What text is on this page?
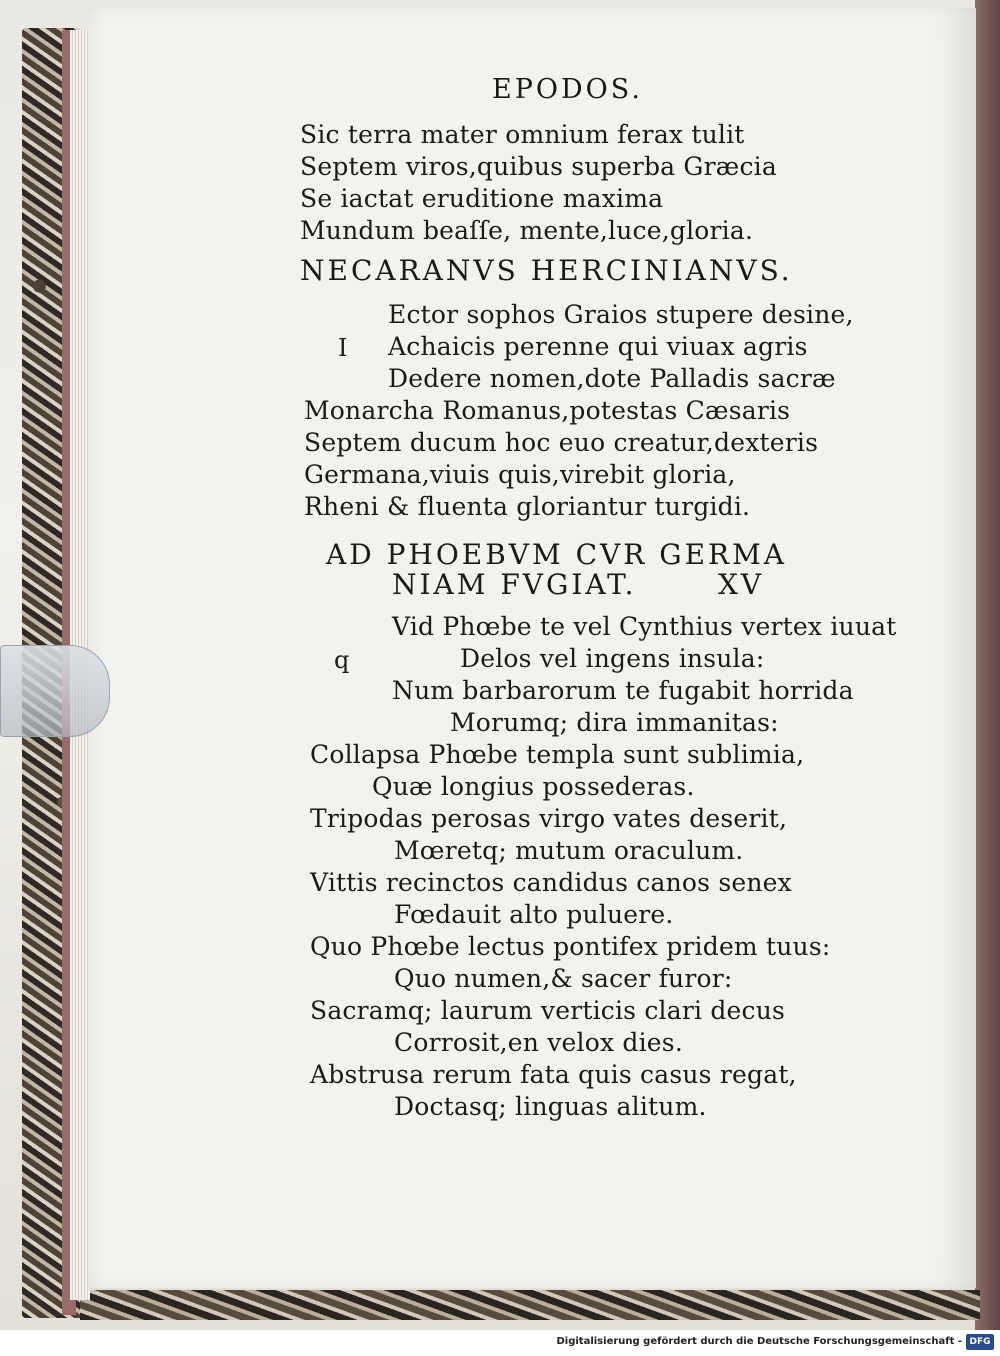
EPODOS.
Sic terra mater omnium ferax tulit
Septem viros,quibus superba Græcia
Se iactat eruditione maxima
Mundum beaſſe, mente,luce,gloria.
NECARANVS HERCINIANVS.
Ector sophos Graios stupere desine,
I Achaicis perenne qui viuax agris
Dedere nomen,dote Palladis sacræ
Monarcha Romanus,potestas Cæsaris
Septem ducum hoc euo creatur,dexteris
Germana,viuis quis,virebit gloria,
Rheni & fluenta gloriantur turgidi.
AD PHOEBVM CVR GERMA
NIAM FVGIAT.	XV
Vid Phœbe te vel Cynthius vertex iuuat
q	Delos vel ingens insula:
Num barbarorum te fugabit horrida
Morumq; dira immanitas:
Collapsa Phœbe templa sunt sublimia,
Quæ longius possederas.
Tripodas perosas virgo vates deserit,
Mœretq; mutum oraculum.
Vittis recinctos candidus canos senex
Fœdauit alto puluere.
Quo Phœbe lectus pontifex pridem tuus:
Quo numen,& sacer furor:
Sacramq; laurum verticis clari decus
Corrosit,en velox dies.
Abstrusa rerum fata quis casus regat,
Doctasq; linguas alitum.
Digitalisierung gefördert durch die Deutsche Forschungsgemeinschaft - DFG
